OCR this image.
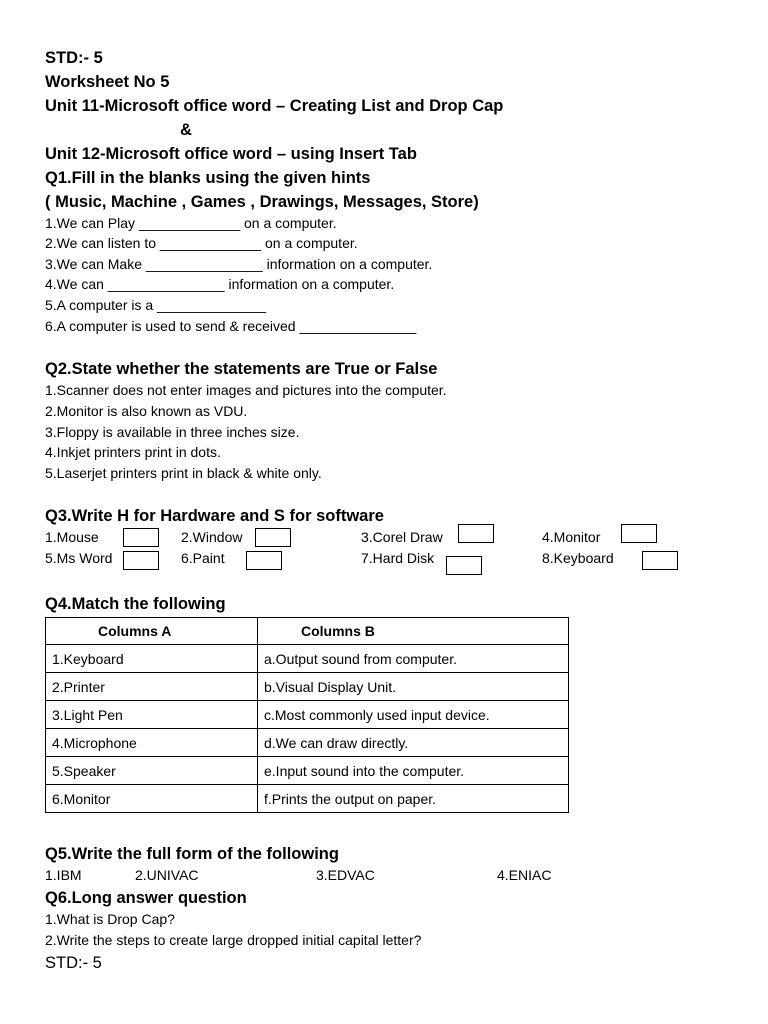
STD:- 5
Worksheet No 5
Unit 11-Microsoft office word – Creating List and Drop Cap
&
Unit 12-Microsoft office word – using Insert Tab
Q1.Fill in the blanks using the given hints
( Music, Machine , Games , Drawings, Messages, Store)
1.We can Play _____________ on a computer.
2.We can listen to _____________ on a computer.
3.We can Make _______________ information on a computer.
4.We can _______________ information on a computer.
5.A computer is a ______________
6.A computer is used to send & received _______________
Q2.State whether the statements are True or False
1.Scanner does not enter images and pictures into the computer.
2.Monitor is also known as VDU.
3.Floppy is available in three inches size.
4.Inkjet printers print in dots.
5.Laserjet printers print in black & white only.
Q3.Write H for Hardware and S for software
1.Mouse	2.Window	3.Corel Draw	4.Monitor
5.Ms Word	6.Paint	7.Hard Disk	8.Keyboard
Q4.Match the following
Columns A	Columns B
1.Keyboard	a.Output sound from computer.
2.Printer	b.Visual Display Unit.
3.Light Pen	c.Most commonly used input device.
4.Microphone	d.We can draw directly.
5.Speaker	e.Input sound into the computer.
6.Monitor	f.Prints the output on paper.
Q5.Write the full form of the following
1.IBM	2.UNIVAC	3.EDVAC	4.ENIAC
Q6.Long answer question
1.What is Drop Cap?
2.Write the steps to create large dropped initial capital letter?
STD:- 5
